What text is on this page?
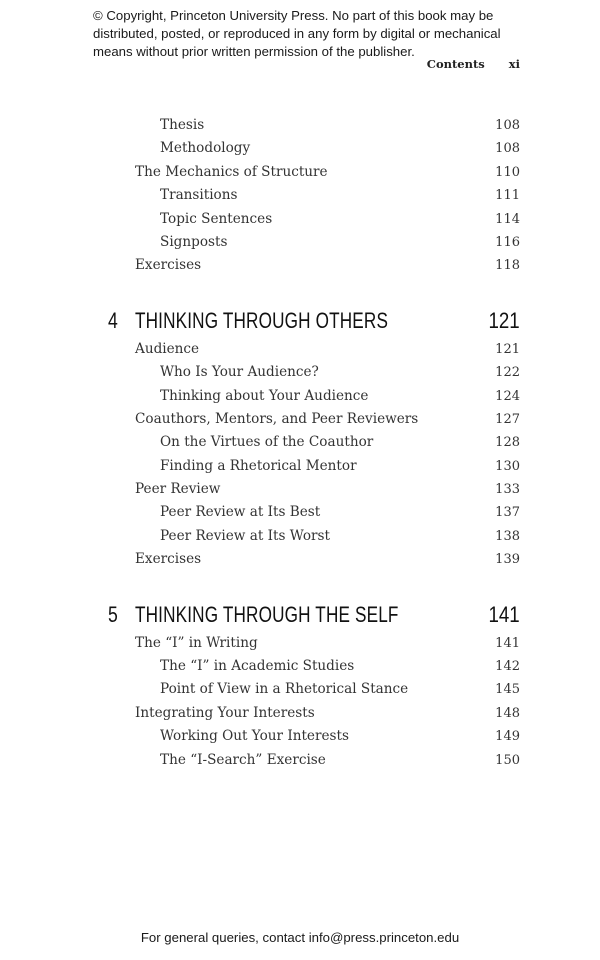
© Copyright, Princeton University Press. No part of this book may be distributed, posted, or reproduced in any form by digital or mechanical means without prior written permission of the publisher.
Contents xi
Thesis	108
Methodology	108
The Mechanics of Structure	110
Transitions	111
Topic Sentences	114
Signposts	116
Exercises	118
4 THINKING THROUGH OTHERS	121
Audience	121
Who Is Your Audience?	122
Thinking about Your Audience	124
Coauthors, Mentors, and Peer Reviewers	127
On the Virtues of the Coauthor	128
Finding a Rhetorical Mentor	130
Peer Review	133
Peer Review at Its Best	137
Peer Review at Its Worst	138
Exercises	139
5 THINKING THROUGH THE SELF	141
The “I” in Writing	141
The “I” in Academic Studies	142
Point of View in a Rhetorical Stance	145
Integrating Your Interests	148
Working Out Your Interests	149
The “I-Search” Exercise	150
For general queries, contact info@press.princeton.edu
